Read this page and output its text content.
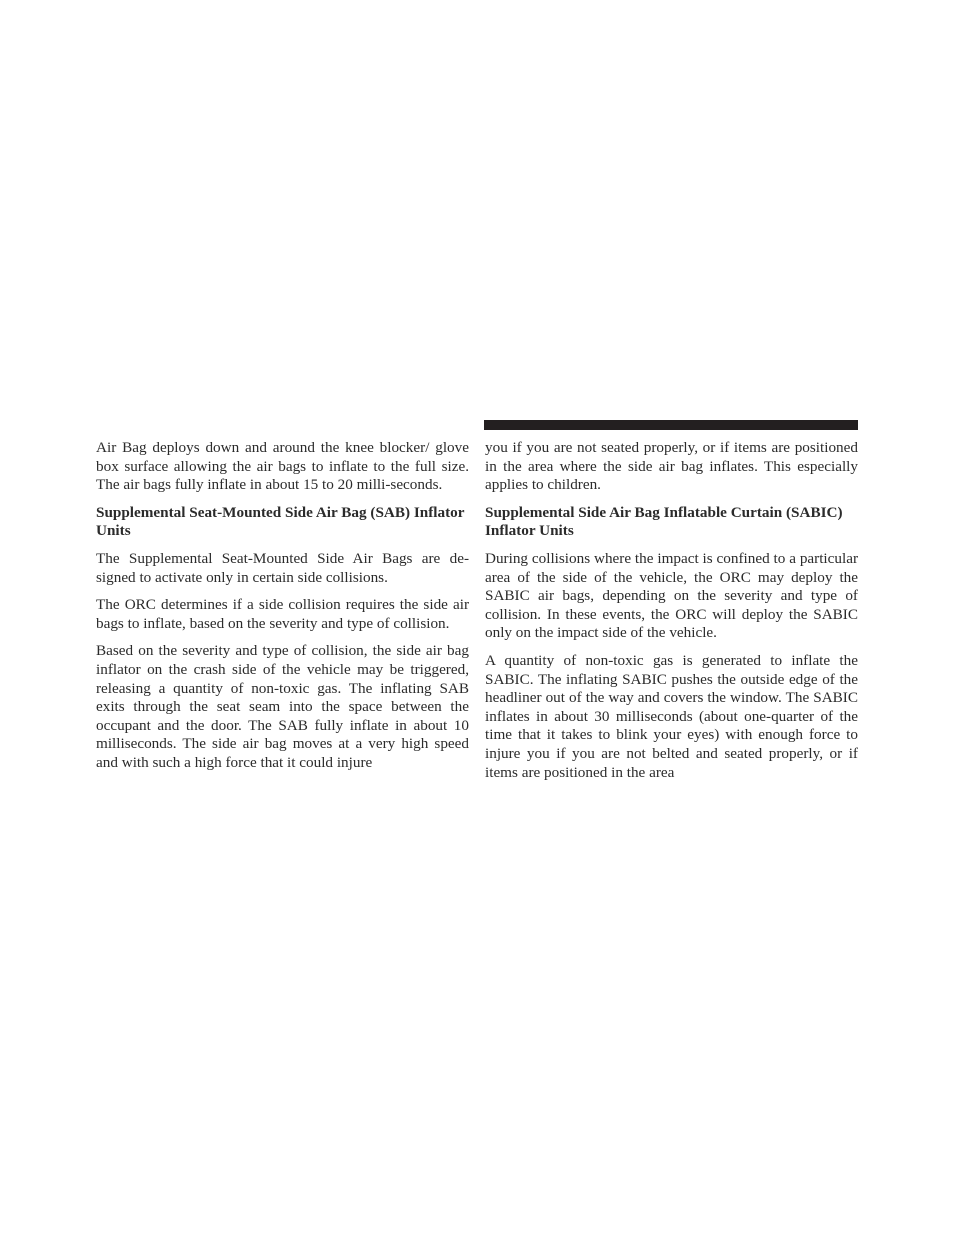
Air Bag deploys down and around the knee blocker/ glove box surface allowing the air bags to inflate to the full size. The air bags fully inflate in about 15 to 20 milli-seconds.

Supplemental Seat-Mounted Side Air Bag (SAB) Inflator Units

The Supplemental Seat-Mounted Side Air Bags are de-signed to activate only in certain side collisions.

The ORC determines if a side collision requires the side air bags to inflate, based on the severity and type of collision.

Based on the severity and type of collision, the side air bag inflator on the crash side of the vehicle may be triggered, releasing a quantity of non-toxic gas. The inflating SAB exits through the seat seam into the space between the occupant and the door. The SAB fully inflate in about 10 milliseconds. The side air bag moves at a very high speed and with such a high force that it could injure

you if you are not seated properly, or if items are positioned in the area where the side air bag inflates. This especially applies to children.

Supplemental Side Air Bag Inflatable Curtain (SABIC) Inflator Units

During collisions where the impact is confined to a particular area of the side of the vehicle, the ORC may deploy the SABIC air bags, depending on the severity and type of collision. In these events, the ORC will deploy the SABIC only on the impact side of the vehicle.

A quantity of non-toxic gas is generated to inflate the SABIC. The inflating SABIC pushes the outside edge of the headliner out of the way and covers the window. The SABIC inflates in about 30 milliseconds (about one-quarter of the time that it takes to blink your eyes) with enough force to injure you if you are not belted and seated properly, or if items are positioned in the area
